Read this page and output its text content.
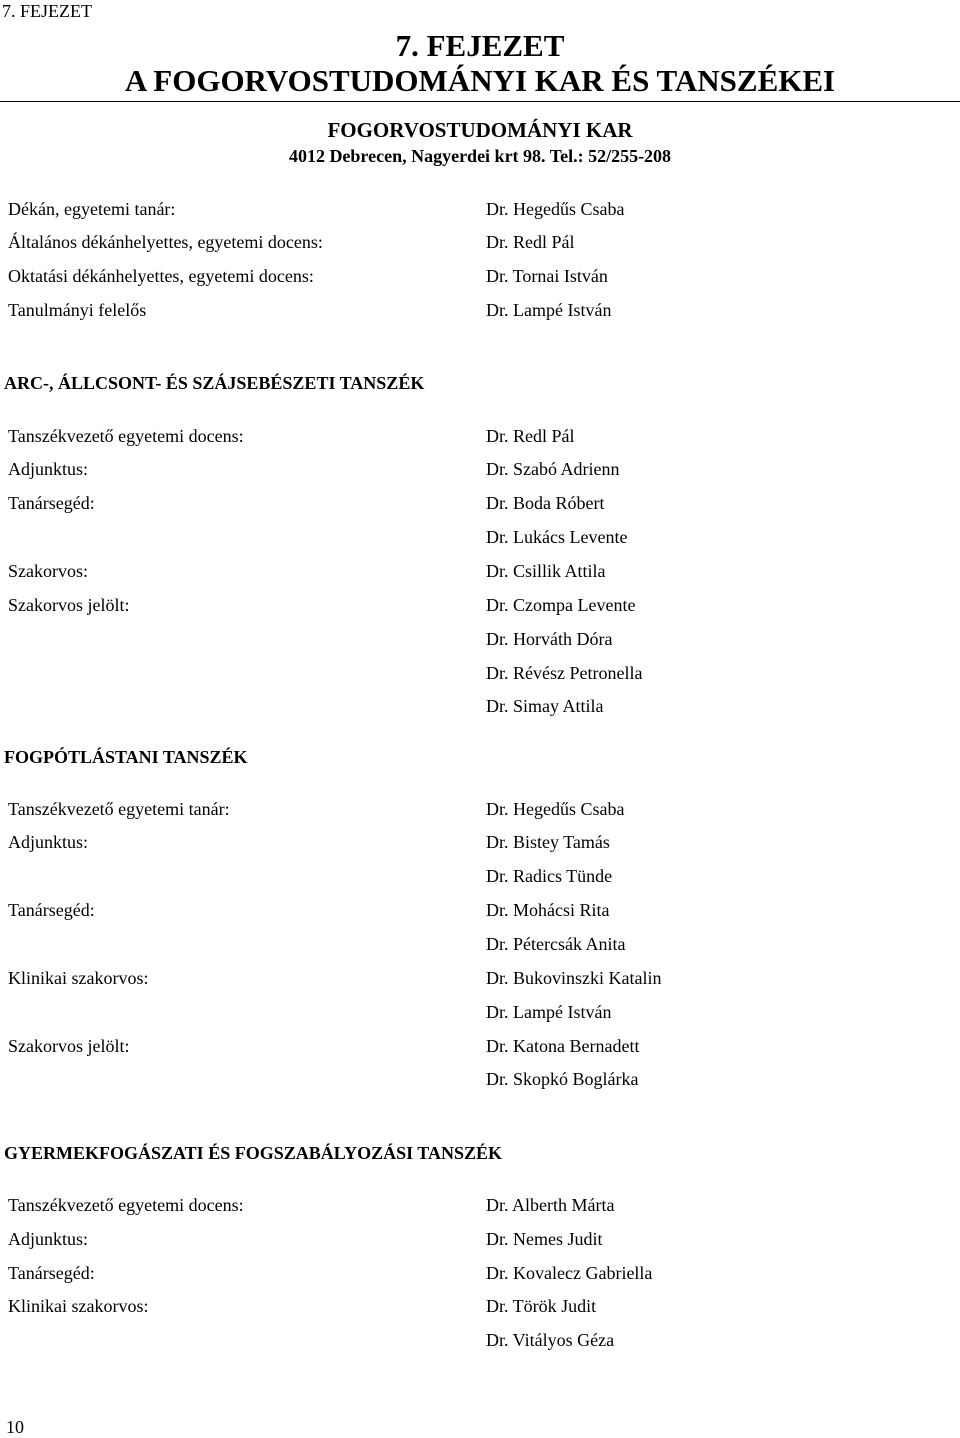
7. FEJEZET
7. FEJEZET
A FOGORVOSTUDOMÁNYI KAR ÉS TANSZÉKEI
FOGORVOSTUDOMÁNYI KAR
4012 Debrecen, Nagyerdei krt 98. Tel.: 52/255-208
Dékán, egyetemi tanár:	Dr. Hegedűs Csaba
Általános dékánhelyettes, egyetemi docens:	Dr. Redl Pál
Oktatási dékánhelyettes, egyetemi docens:	Dr. Tornai István
Tanulmányi felelős	Dr. Lampé István
ARC-, ÁLLCSONT- ÉS SZÁJSEBÉSZETI TANSZÉK
Tanszékvezető egyetemi docens:	Dr. Redl Pál
Adjunktus:	Dr. Szabó Adrienn
Tanársegéd:	Dr. Boda Róbert
Dr. Lukács Levente
Szakorvos:	Dr. Csillik Attila
Szakorvos jelölt:	Dr. Czompa Levente
Dr. Horváth Dóra
Dr. Révész Petronella
Dr. Simay Attila
FOGPÓTLÁSTANI TANSZÉK
Tanszékvezető egyetemi tanár:	Dr. Hegedűs Csaba
Adjunktus:	Dr. Bistey Tamás
Dr. Radics Tünde
Tanársegéd:	Dr. Mohácsi Rita
Dr. Pétercsák Anita
Klinikai szakorvos:	Dr. Bukovinszki Katalin
Dr. Lampé István
Szakorvos jelölt:	Dr. Katona Bernadett
Dr. Skopkó Boglárka
GYERMEKFOGÁSZATI ÉS FOGSZABÁLYOZÁSI TANSZÉK
Tanszékvezető egyetemi docens:	Dr. Alberth Márta
Adjunktus:	Dr. Nemes Judit
Tanársegéd:	Dr. Kovalecz Gabriella
Klinikai szakorvos:	Dr. Török Judit
Dr. Vitályos Géza
10
